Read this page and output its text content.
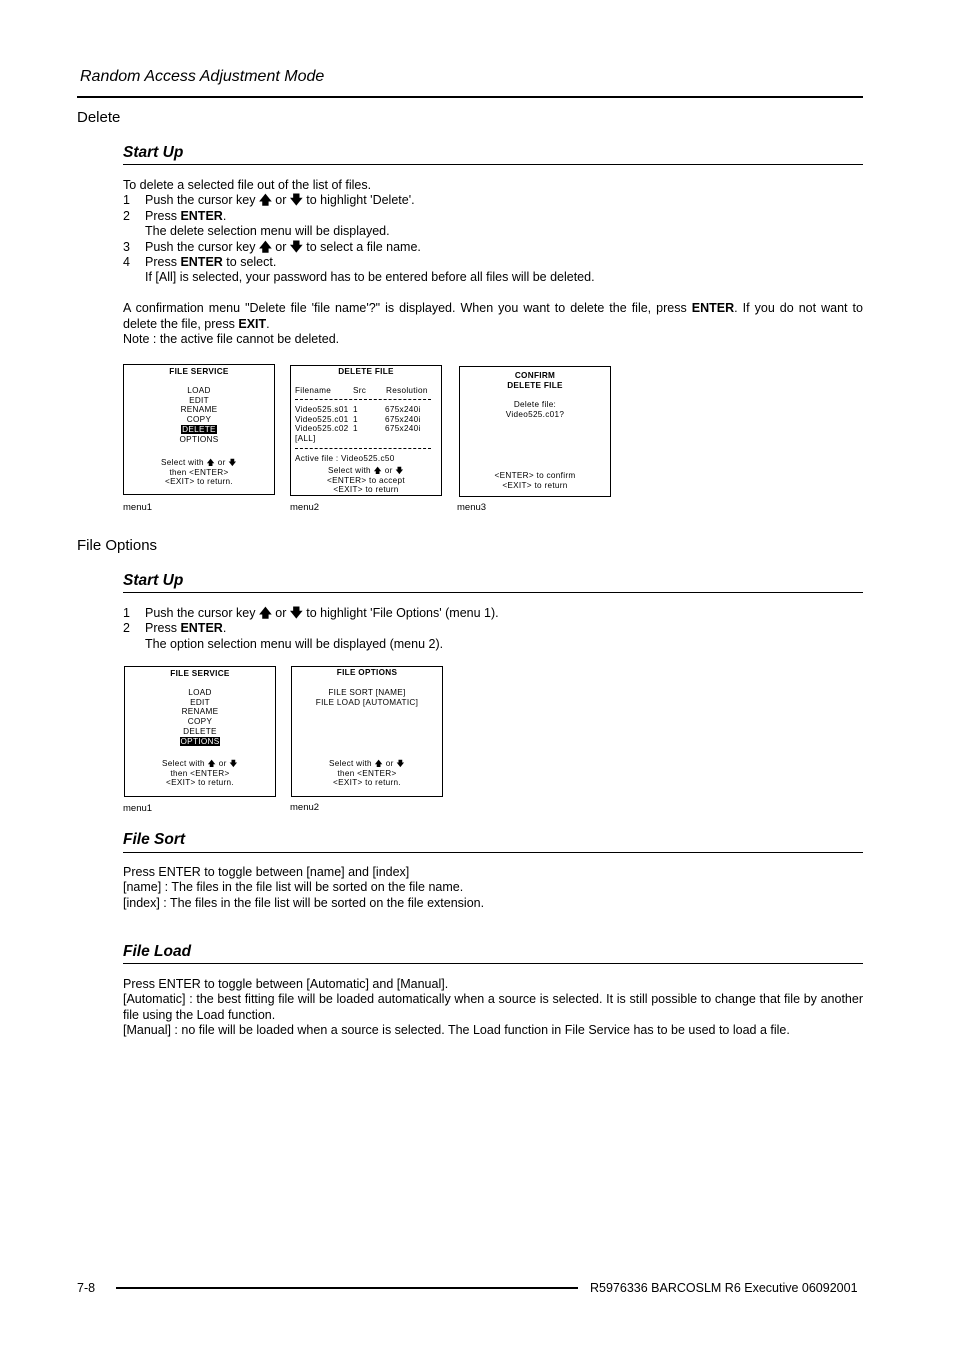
Random Access Adjustment Mode
Delete
Start Up
To delete a selected file out of the list of files.
1 Push the cursor key 🡅 or 🡇 to highlight 'Delete'.
2 Press ENTER.
The delete selection menu will be displayed.
3 Push the cursor key 🡅 or 🡇 to select a file name.
4 Press ENTER to select.
If [All] is selected, your password has to be entered before all files will be deleted.
A confirmation menu "Delete file 'file name'?" is displayed. When you want to delete the file, press ENTER. If you do not want to delete the file, press EXIT.
Note : the active file cannot be deleted.
FILE SERVICE
LOAD
EDIT
RENAME
COPY
DELETE
OPTIONS
Select with 🡅 or 🡇
then <ENTER>
<EXIT> to return.
menu1
DELETE FILE
Filename	Src Resolution
Video525.s01	1	675x240i
Video525.c01	1	675x240i
Video525.c02	1	675x240i
[ALL]		
Active file : Video525.c50
Select with 🡅 or 🡇
<ENTER> to accept
<EXIT> to return
menu2
CONFIRM
DELETE FILE
Delete file:
Video525.c01?
<ENTER> to confirm
<EXIT> to return
menu3
File Options
Start Up
1 Push the cursor key 🡅 or 🡇 to highlight 'File Options' (menu 1).
2 Press ENTER.
The option selection menu will be displayed (menu 2).
FILE SERVICE
LOAD
EDIT
RENAME
COPY
DELETE
OPTIONS
Select with 🡅 or 🡇
then <ENTER>
<EXIT> to return.
menu1
FILE OPTIONS
FILE SORT [NAME]
FILE LOAD [AUTOMATIC]
Select with 🡅 or 🡇
then <ENTER>
<EXIT> to return.
menu2
File Sort
Press ENTER to toggle between [name] and [index]
[name] : The files in the file list will be sorted on the file name.
[index] : The files in the file list will be sorted on the file extension.
File Load
Press ENTER to toggle between [Automatic] and [Manual].
[Automatic] : the best fitting file will be loaded automatically when a source is selected. It is still possible to change that file by another file using the Load function.
[Manual] : no file will be loaded when a source is selected. The Load function in File Service has to be used to load a file.
7-8	R5976336 BARCOSLM R6 Executive 06092001
